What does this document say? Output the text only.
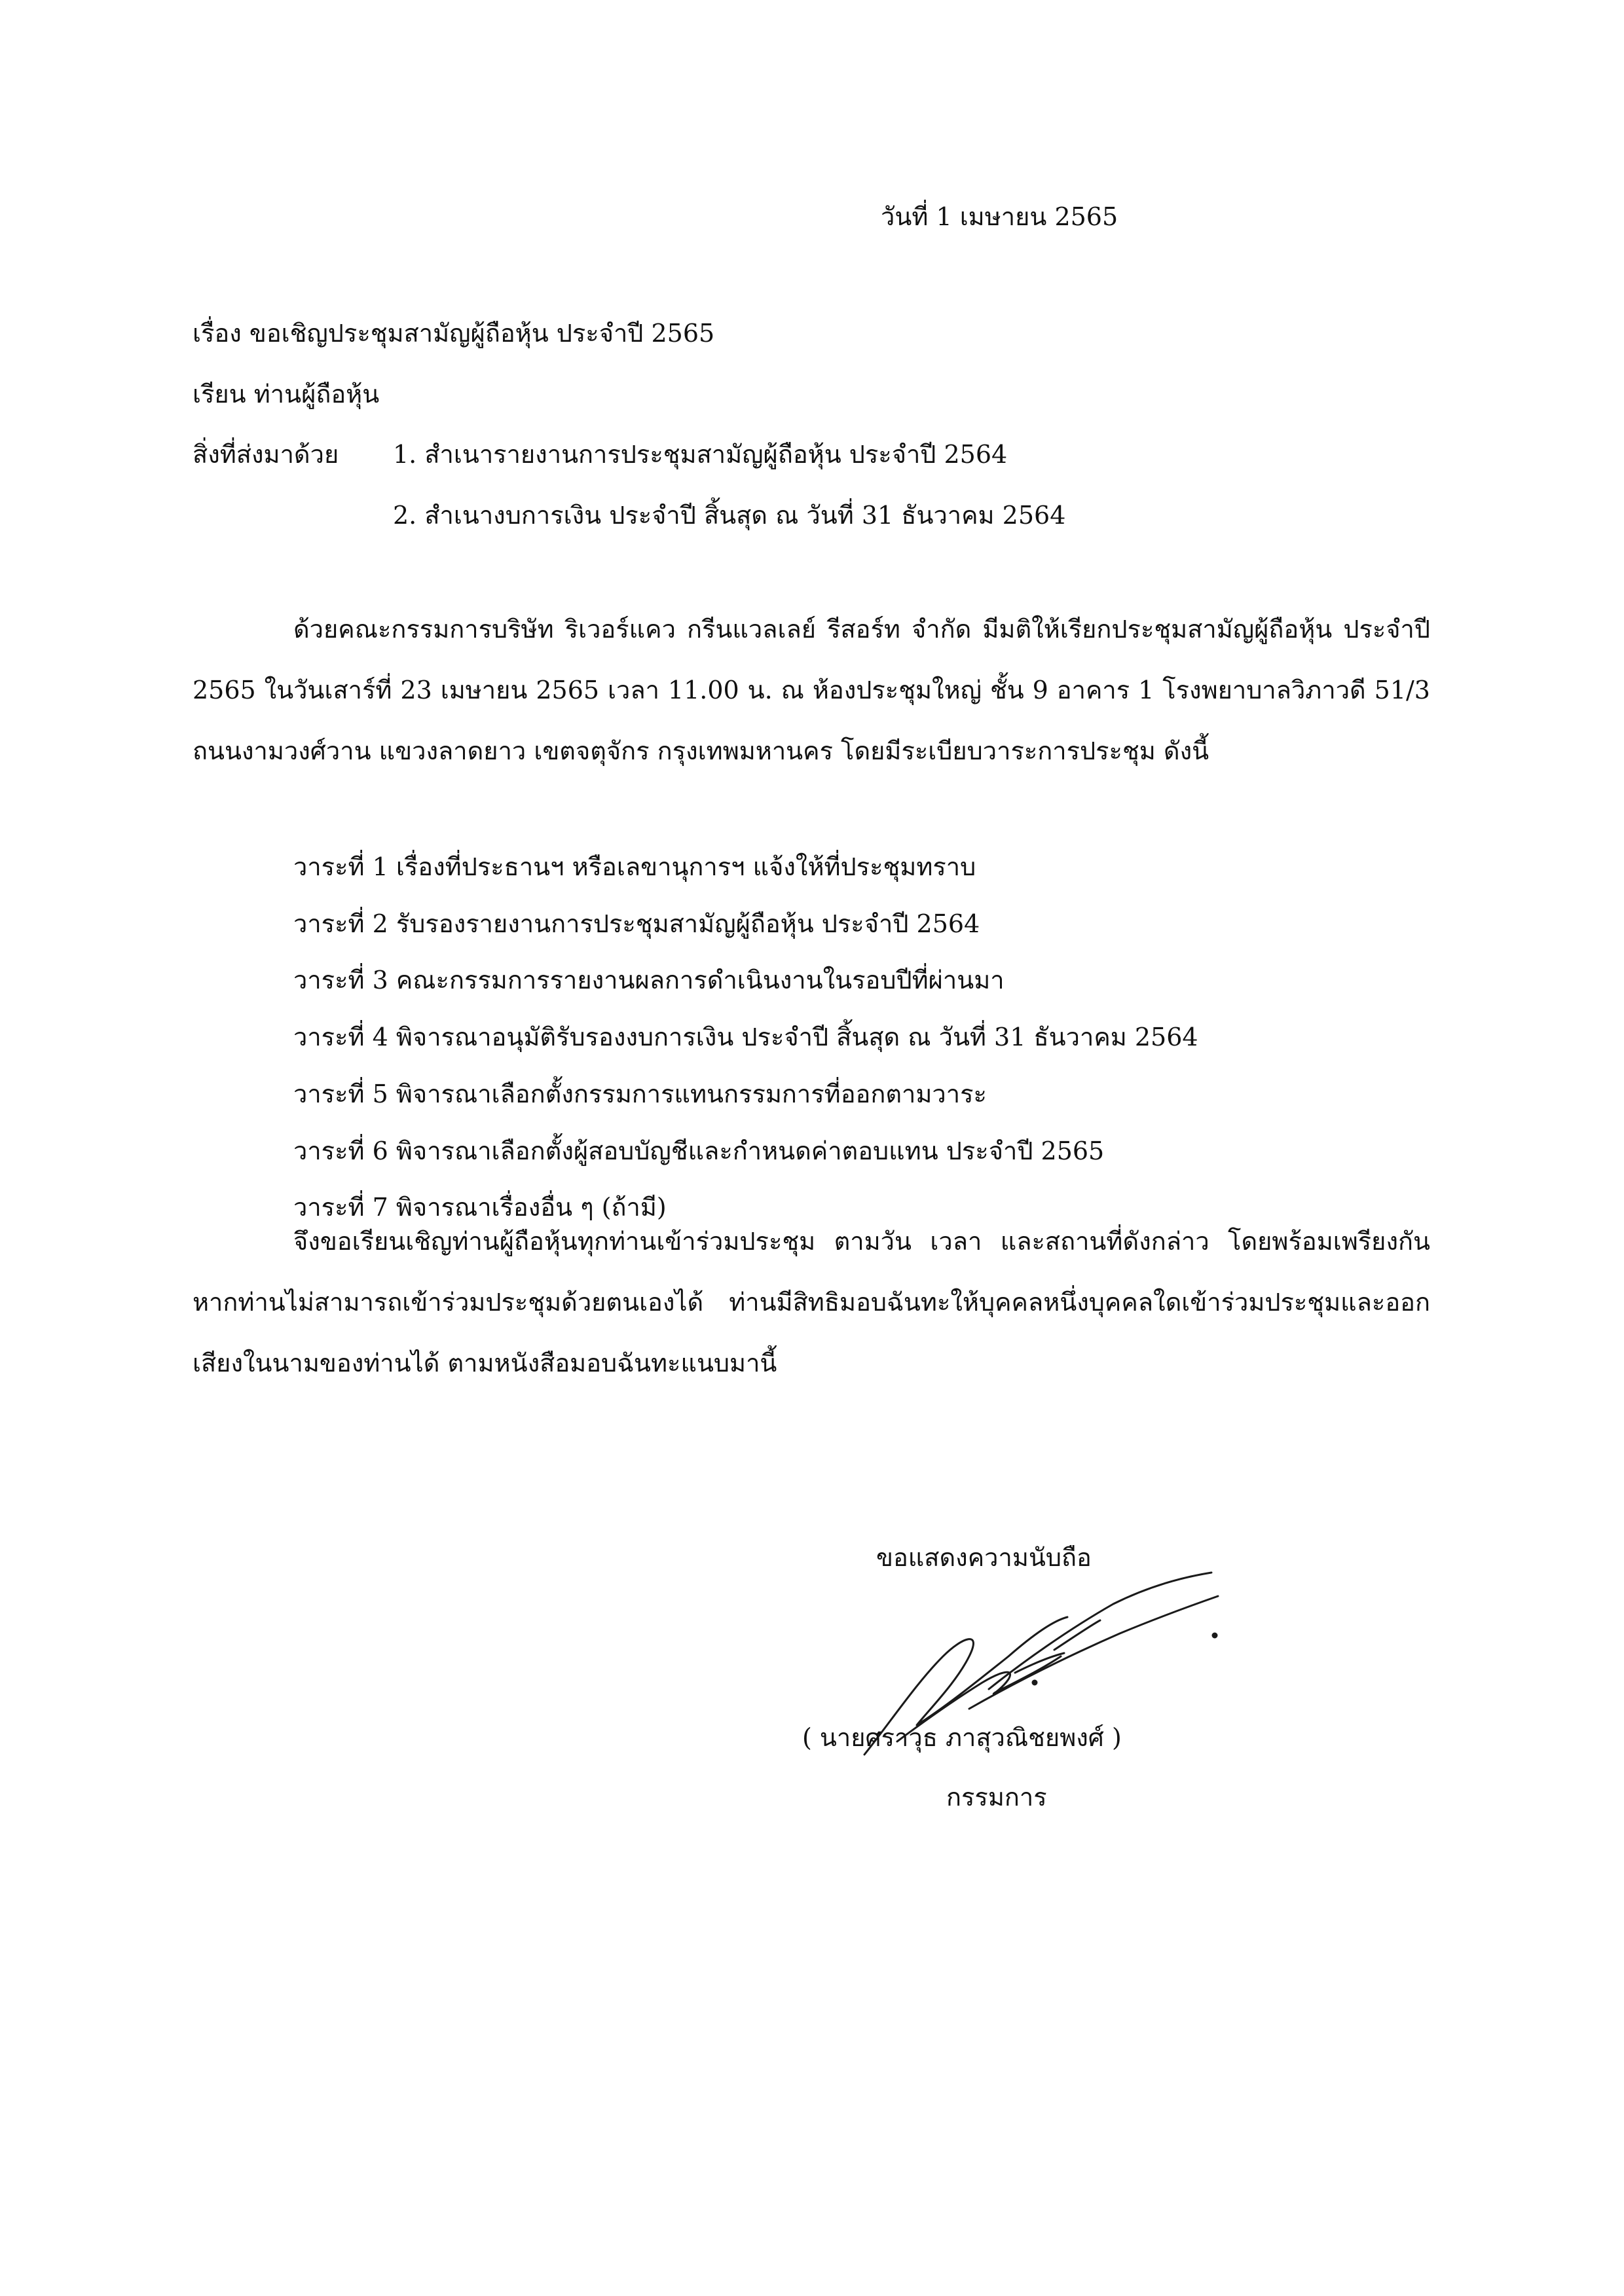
วันที่ 1 เมษายน 2565
เรื่อง ขอเชิญประชุมสามัญผู้ถือหุ้น ประจำปี 2565
เรียน ท่านผู้ถือหุ้น
สิ่งที่ส่งมาด้วย 1. สำเนารายงานการประชุมสามัญผู้ถือหุ้น ประจำปี 2564
2. สำเนางบการเงิน ประจำปี สิ้นสุด ณ วันที่ 31 ธันวาคม 2564
ด้วยคณะกรรมการบริษัท ริเวอร์แคว กรีนแวลเลย์ รีสอร์ท จำกัด มีมติให้เรียกประชุมสามัญผู้ถือหุ้น ประจำปี 2565 ในวันเสาร์ที่ 23 เมษายน 2565 เวลา 11.00 น. ณ ห้องประชุมใหญ่ ชั้น 9 อาคาร 1 โรงพยาบาลวิภาวดี 51/3 ถนนงามวงศ์วาน แขวงลาดยาว เขตจตุจักร กรุงเทพมหานคร โดยมีระเบียบวาระการประชุม ดังนี้
วาระที่ 1 เรื่องที่ประธานฯ หรือเลขานุการฯ แจ้งให้ที่ประชุมทราบ
วาระที่ 2 รับรองรายงานการประชุมสามัญผู้ถือหุ้น ประจำปี 2564
วาระที่ 3 คณะกรรมการรายงานผลการดำเนินงานในรอบปีที่ผ่านมา
วาระที่ 4 พิจารณาอนุมัติรับรองงบการเงิน ประจำปี สิ้นสุด ณ วันที่ 31 ธันวาคม 2564
วาระที่ 5 พิจารณาเลือกตั้งกรรมการแทนกรรมการที่ออกตามวาระ
วาระที่ 6 พิจารณาเลือกตั้งผู้สอบบัญชีและกำหนดค่าตอบแทน ประจำปี 2565
วาระที่ 7 พิจารณาเรื่องอื่น ๆ (ถ้ามี)
จึงขอเรียนเชิญท่านผู้ถือหุ้นทุกท่านเข้าร่วมประชุม ตามวัน เวลา และสถานที่ดังกล่าว โดยพร้อมเพรียงกัน หากท่านไม่สามารถเข้าร่วมประชุมด้วยตนเองได้ ท่านมีสิทธิมอบฉันทะให้บุคคลหนึ่งบุคคลใดเข้าร่วมประชุมและออกเสียงในนามของท่านได้ ตามหนังสือมอบฉันทะแนบมานี้
ขอแสดงความนับถือ
( นายศราวุธ ภาสุวณิชยพงศ์ )
กรรมการ
